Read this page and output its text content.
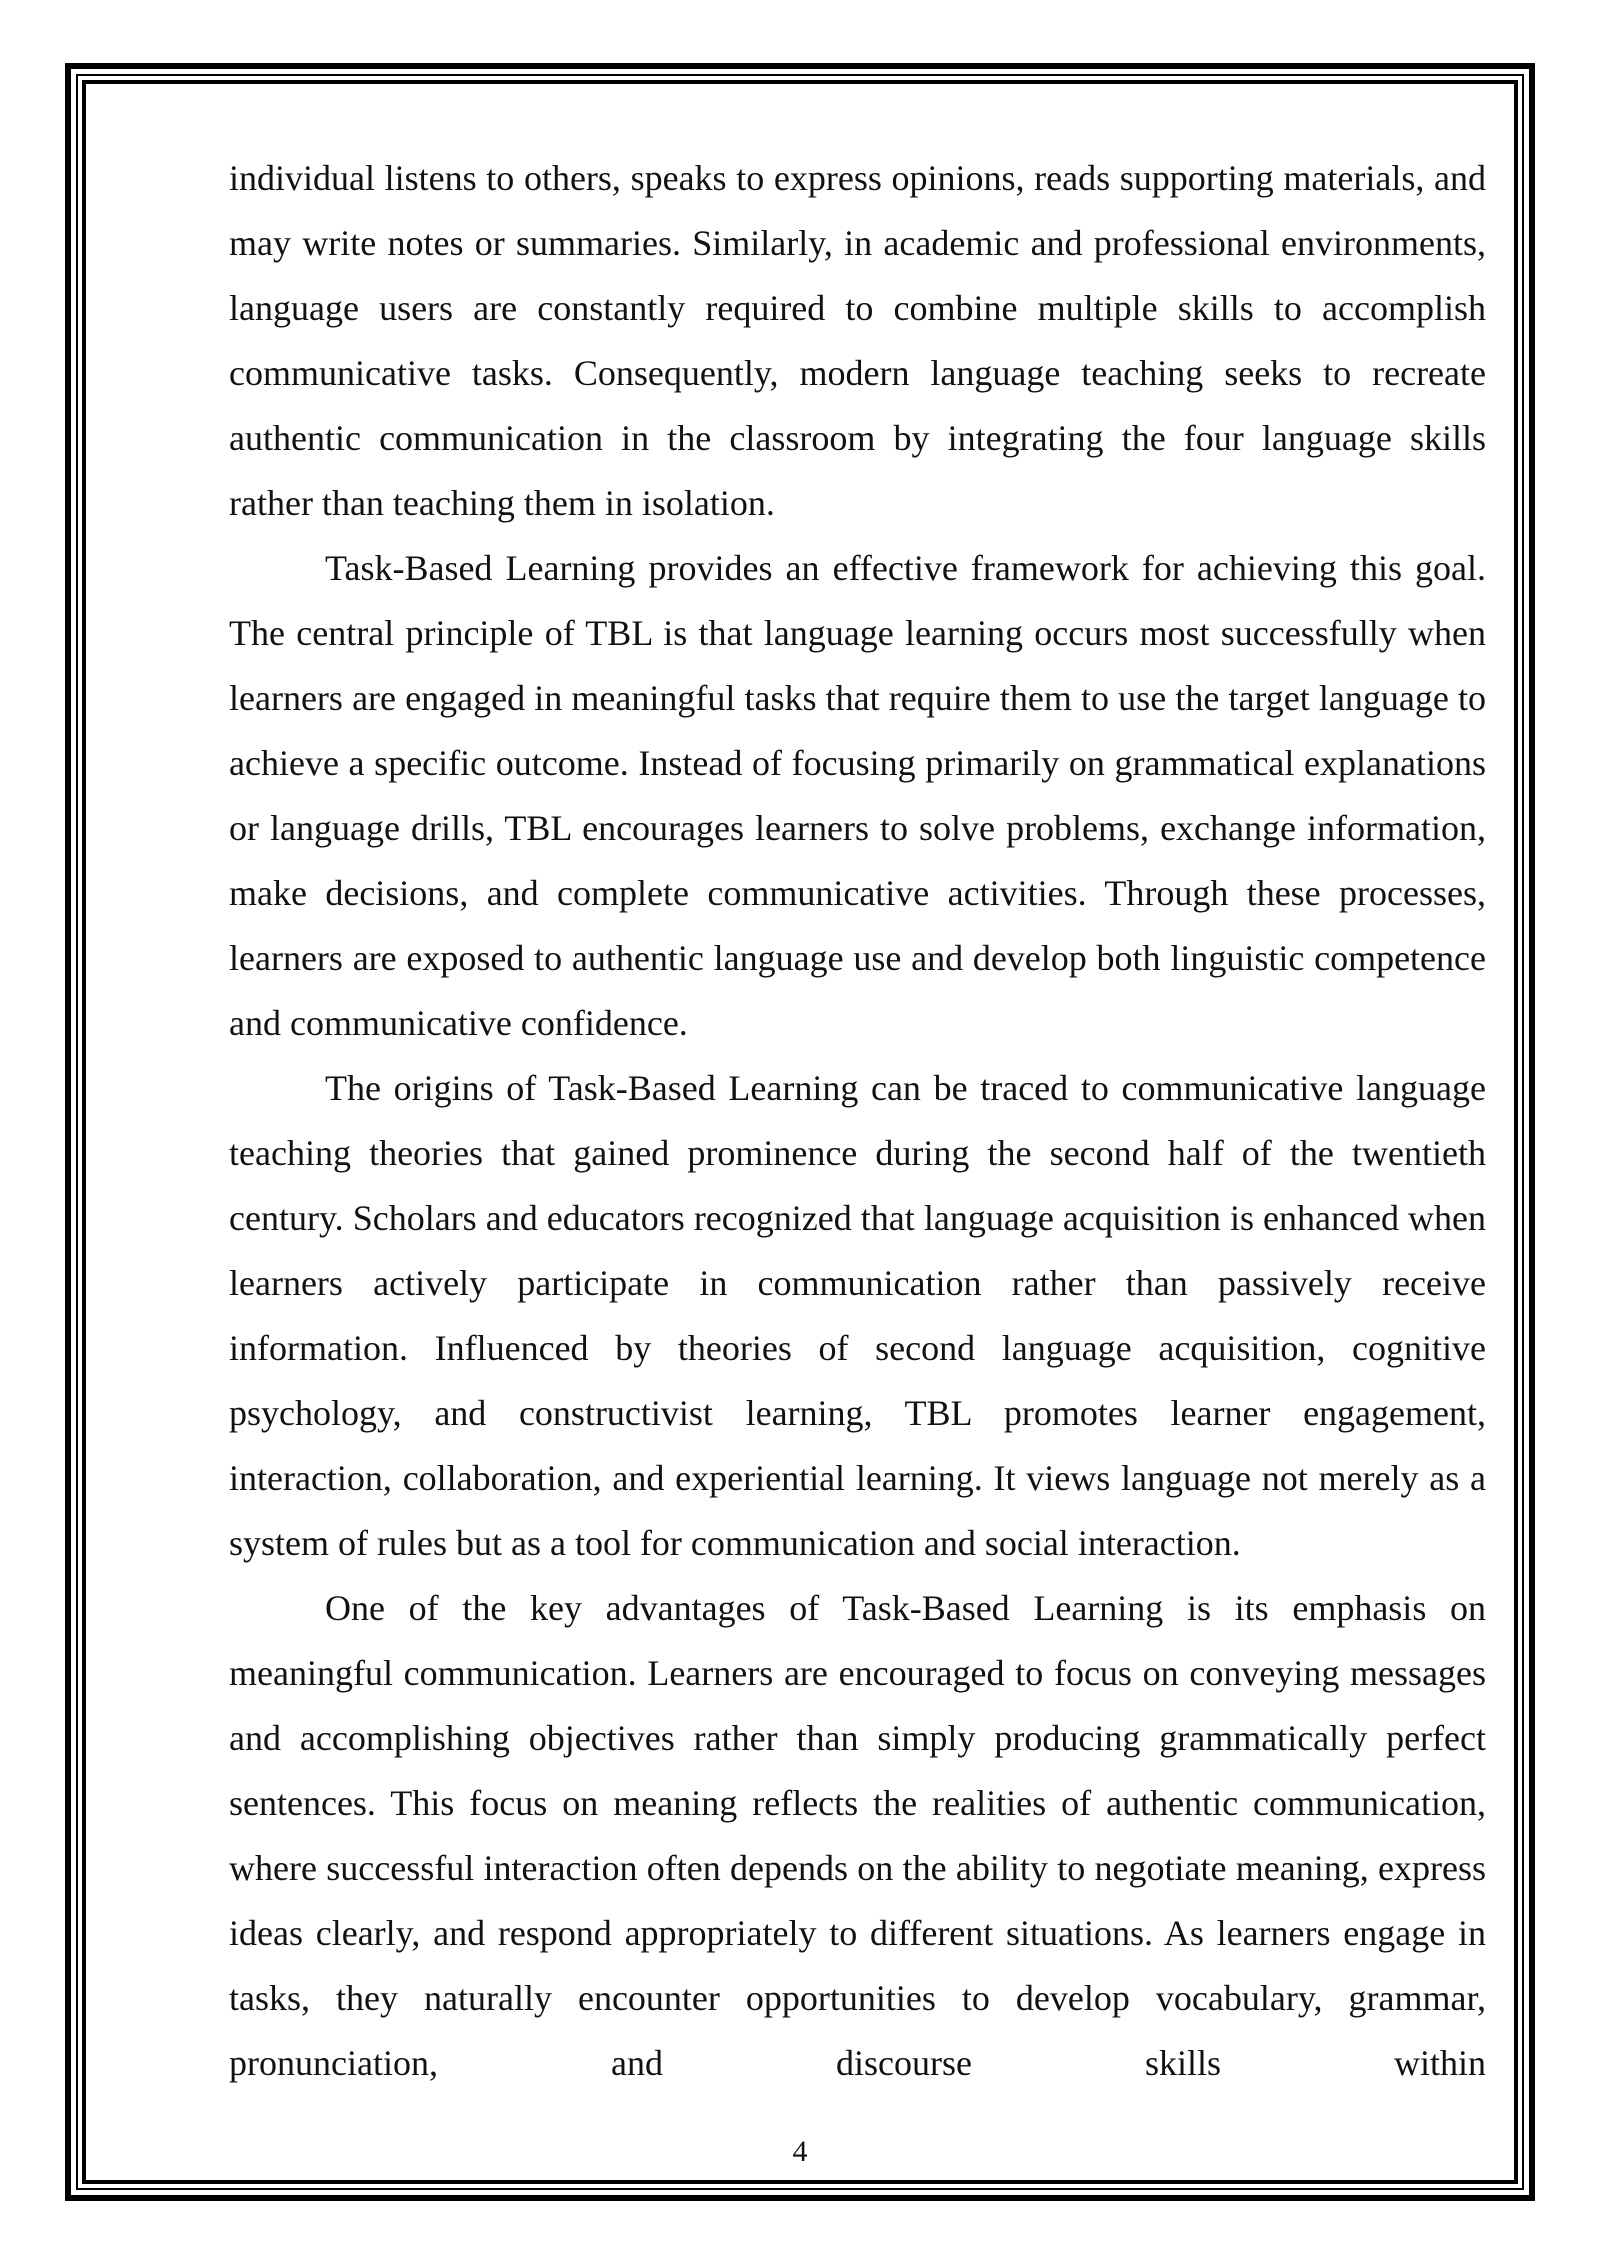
individual listens to others, speaks to express opinions, reads supporting materials, and may write notes or summaries. Similarly, in academic and professional environments, language users are constantly required to combine multiple skills to accomplish communicative tasks. Consequently, modern language teaching seeks to recreate authentic communication in the classroom by integrating the four language skills rather than teaching them in isolation.

Task-Based Learning provides an effective framework for achieving this goal. The central principle of TBL is that language learning occurs most successfully when learners are engaged in meaningful tasks that require them to use the target language to achieve a specific outcome. Instead of focusing primarily on grammatical explanations or language drills, TBL encourages learners to solve problems, exchange information, make decisions, and complete communicative activities. Through these processes, learners are exposed to authentic language use and develop both linguistic competence and communicative confidence.

The origins of Task-Based Learning can be traced to communicative language teaching theories that gained prominence during the second half of the twentieth century. Scholars and educators recognized that language acquisition is enhanced when learners actively participate in communication rather than passively receive information. Influenced by theories of second language acquisition, cognitive psychology, and constructivist learning, TBL promotes learner engagement, interaction, collaboration, and experiential learning. It views language not merely as a system of rules but as a tool for communication and social interaction.

One of the key advantages of Task-Based Learning is its emphasis on meaningful communication. Learners are encouraged to focus on conveying messages and accomplishing objectives rather than simply producing grammatically perfect sentences. This focus on meaning reflects the realities of authentic communication, where successful interaction often depends on the ability to negotiate meaning, express ideas clearly, and respond appropriately to different situations. As learners engage in tasks, they naturally encounter opportunities to develop vocabulary, grammar, pronunciation, and discourse skills within

4
